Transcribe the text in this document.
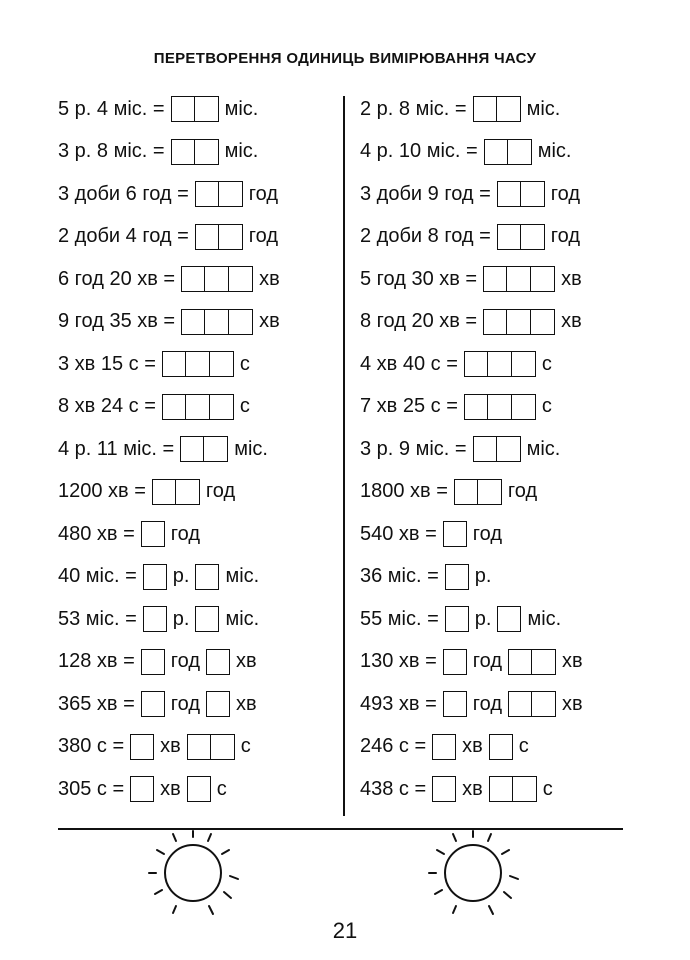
ПЕРЕТВОРЕННЯ ОДИНИЦЬ ВИМІРЮВАННЯ ЧАСУ
5 р. 4 міс. =	міс.
3 р. 8 міс. =	міс.
3 доби 6 год =	год
2 доби 4 год =	год
6 год 20 хв =	хв
9 год 35 хв =	хв
3 хв 15 с =	с
8 хв 24 с =	с
4 р. 11 міс. =	міс.
1200 хв =	год
480 хв = год
40 міс. = р. міс.
53 міс. = р. міс.
128 хв = год хв
365 хв = год хв
380 с = хв	с
305 с = хв с
2 р. 8 міс. =	міс.
4 р. 10 міс. =	міс.
3 доби 9 год =	год
2 доби 8 год =	год
5 год 30 хв =	хв
8 год 20 хв =	хв
4 хв 40 с =	с
7 хв 25 с =	с
3 р. 9 міс. =	міс.
1800 хв =	год
540 хв = год
36 міс. = р.
55 міс. = р. міс.
130 хв = год	хв
493 хв = год	хв
246 с = хв с
438 с = хв	с
21
